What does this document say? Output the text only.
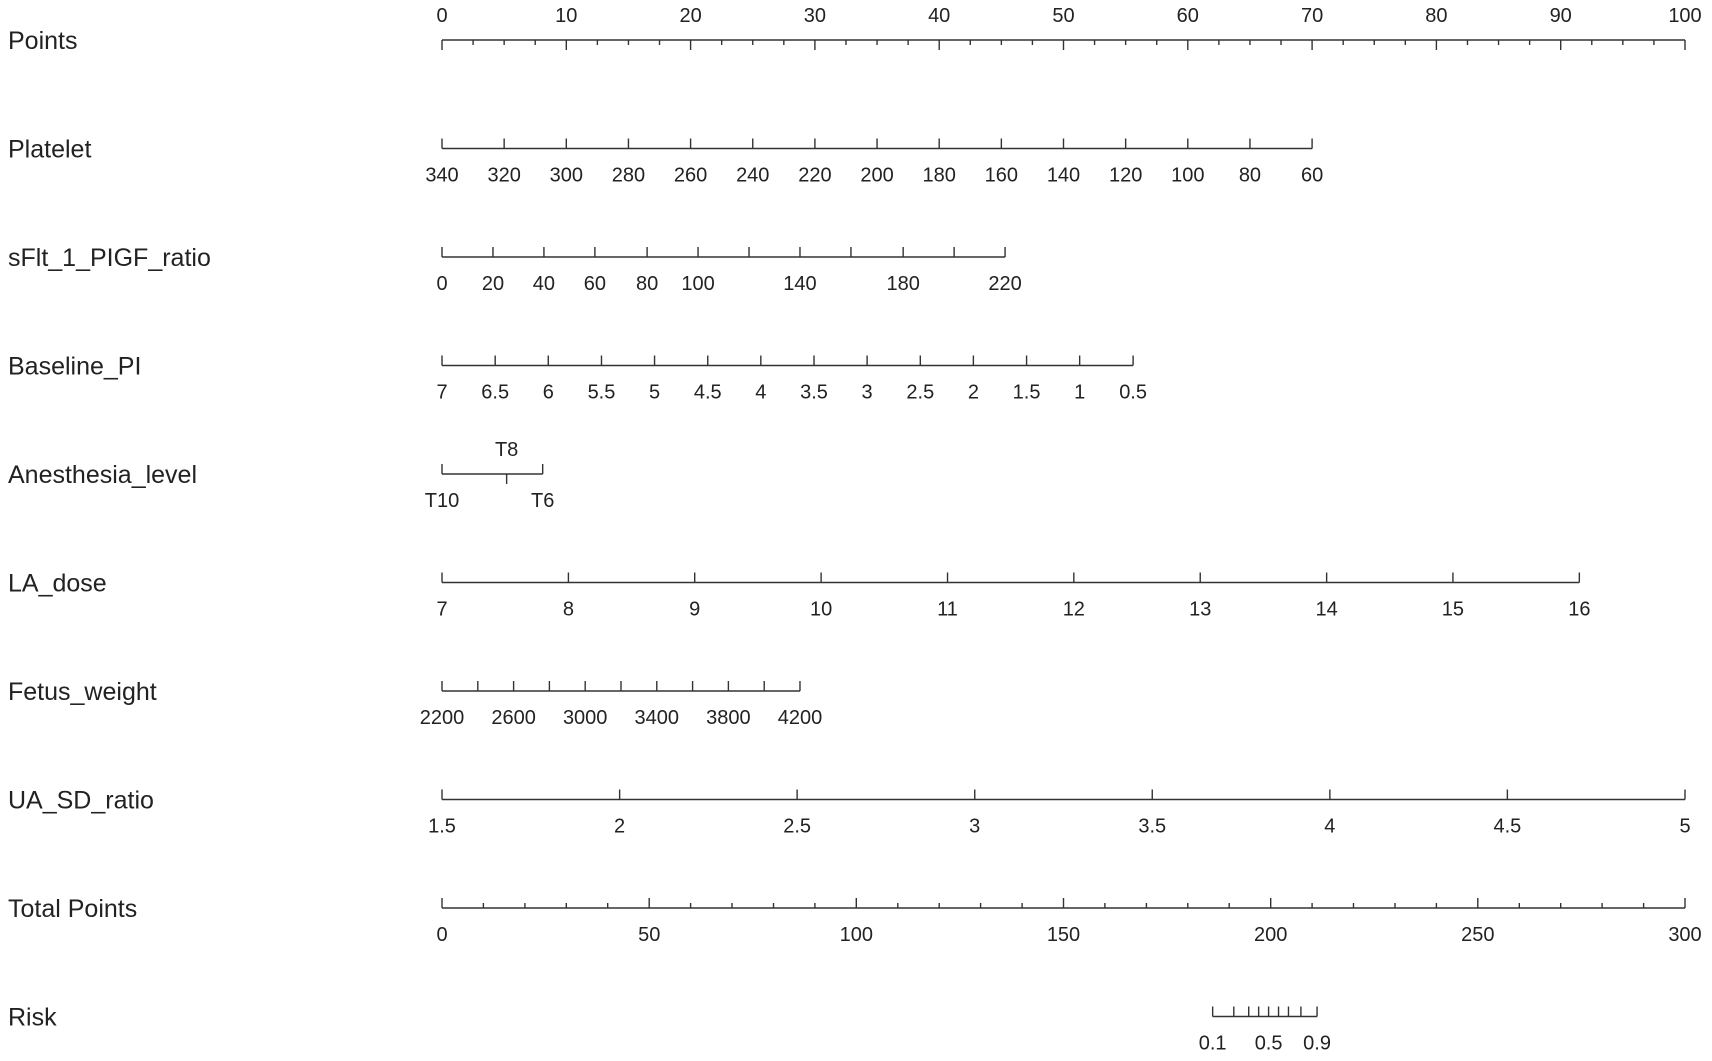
Points
0	10	20	30	40	50	60	70	80	90	100
Platelet
340 320 300 280 260 240 220 200 180 160 140 120 100 80 60
sFlt_1_PIGF_ratio
0 20 40 60 80 100	140	180	220
Baseline_PI
7 6.5 6 5.5 5 4.5 4 3.5 3 2.5 2 1.5 1 0.5
Anesthesia_level
T10
T8
T6
LA_dose
7	8	9	10	11	12	13	14	15	16
Fetus_weight
2200 2600 3000 3400 3800 4200
UA_SD_ratio
1.5	2	2.5	3	3.5	4	4.5	5
Total Points
0	50	100	150	200	250	300
Risk
0.1 0.5 0.9
